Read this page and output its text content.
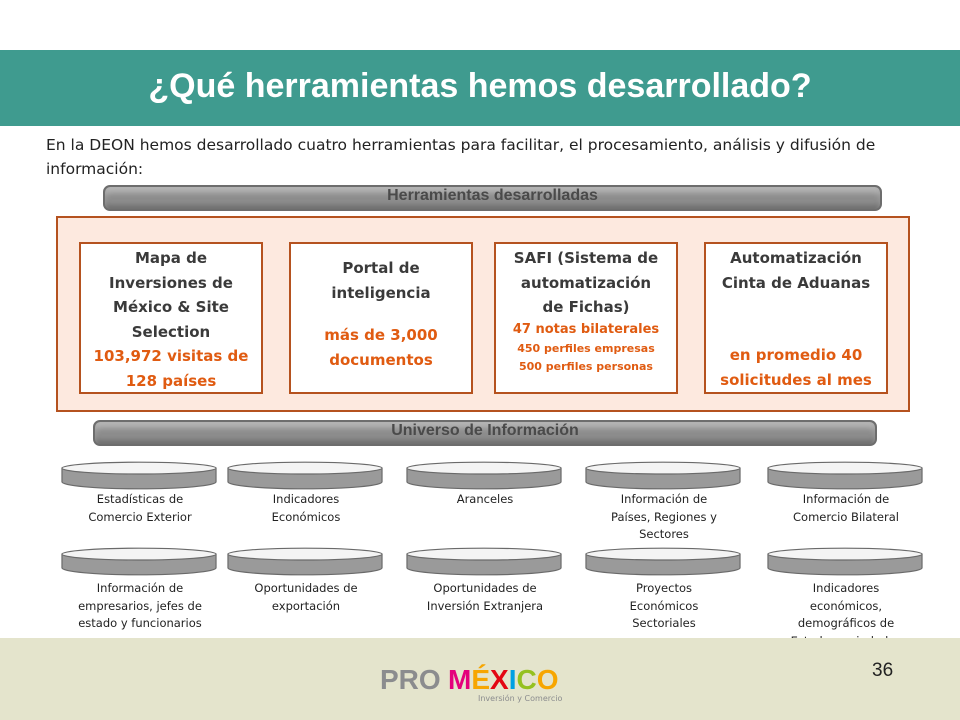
¿Qué herramientas hemos desarrollado?
En la DEON hemos desarrollado cuatro herramientas para facilitar, el procesamiento, análisis y difusión de información:
Herramientas desarrolladas
Mapa de
Inversiones de
México & Site
Selection
103,972 visitas de
128 países
Portal de
inteligencia
más de 3,000
documentos
SAFI (Sistema de
automatización
de Fichas)
47 notas bilaterales
450 perfiles empresas
500 perfiles personas
Automatización
Cinta de Aduanas
en promedio 40
solicitudes al mes
Universo de Información
Estadísticas de
Comercio Exterior
Indicadores
Económicos
Aranceles	Información de
Países, Regiones y
Sectores
Información de
Comercio Bilateral
Información de
empresarios, jefes de
estado y funcionarios
Oportunidades de
exportación
Oportunidades de
Inversión Extranjera
Proyectos
Económicos
Sectoriales
Indicadores
económicos,
demográficos de
PRO MÉXICO
Inversión y Comercio
36
